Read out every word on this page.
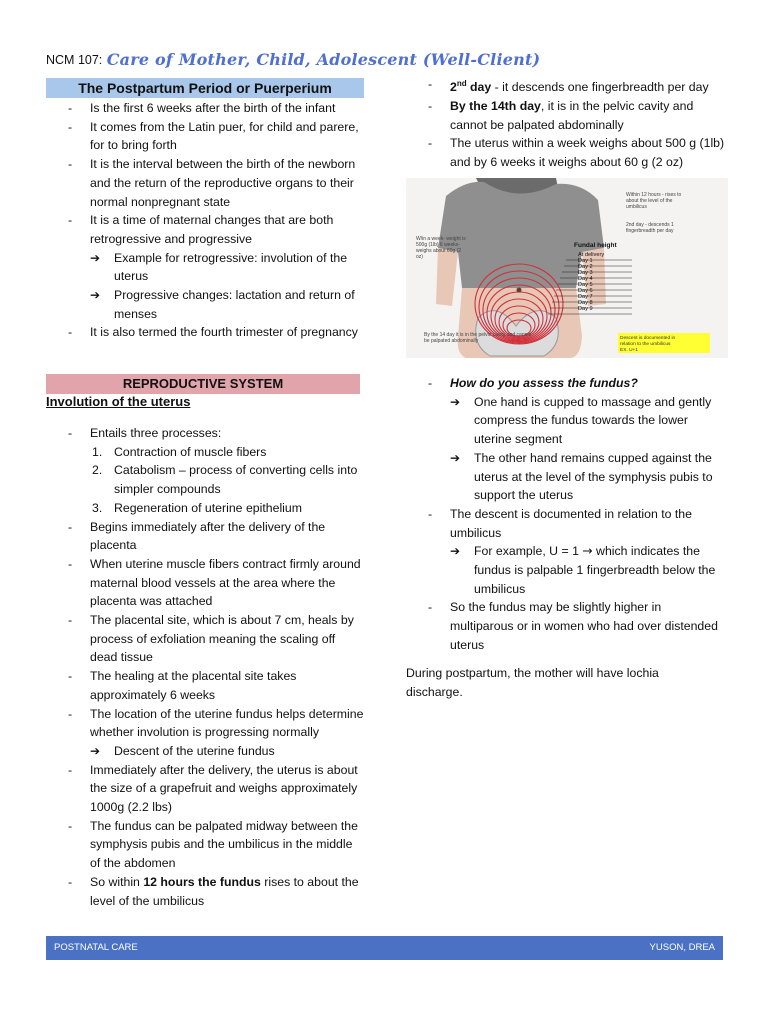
NCM 107: Care of Mother, Child, Adolescent (Well-Client)
The Postpartum Period or Puerperium
- Is the first 6 weeks after the birth of the infant
- It comes from the Latin puer, for child and parere, for to bring forth
- It is the interval between the birth of the newborn and the return of the reproductive organs to their normal nonpregnant state
- It is a time of maternal changes that are both retrogressive and progressive
➔ Example for retrogressive: involution of the uterus
➔ Progressive changes: lactation and return of menses
- It is also termed the fourth trimester of pregnancy
REPRODUCTIVE SYSTEM
Involution of the uterus
- Entails three processes:
1. Contraction of muscle fibers
2. Catabolism – process of converting cells into simpler compounds
3. Regeneration of uterine epithelium
- Begins immediately after the delivery of the placenta
- When uterine muscle fibers contract firmly around maternal blood vessels at the area where the placenta was attached
- The placental site, which is about 7 cm, heals by process of exfoliation meaning the scaling off dead tissue
- The healing at the placental site takes approximately 6 weeks
- The location of the uterine fundus helps determine whether involution is progressing normally
➔ Descent of the uterine fundus
- Immediately after the delivery, the uterus is about the size of a grapefruit and weighs approximately 1000g (2.2 lbs)
- The fundus can be palpated midway between the symphysis pubis and the umbilicus in the middle of the abdomen
- So within 12 hours the fundus rises to about the level of the umbilicus
- 2nd day - it descends one fingerbreadth per day
- By the 14th day, it is in the pelvic cavity and cannot be palpated abdominally
- The uterus within a week weighs about 500 g (1lb) and by 6 weeks it weighs about 60 g (2 oz)
Within 12 hours - rises to about the level of the umbilicus
2nd day - descends 1 fingerbreadth per day
W/in a week- weight is 500g (1lb) 6 weeks-weighs about 60g (2 oz)
Fundal height
At delivery
Day 1
Day 2
Day 3
Day 4
Day 5
Day 6
Day 7
Day 8
Day 9
By the 14 day it is in the pelvic cavity and cannot be palpated abdominally	Descent is documented in relation to the umbilicus
EX. U+1
- How do you assess the fundus?
➔ One hand is cupped to massage and gently compress the fundus towards the lower uterine segment
➔ The other hand remains cupped against the uterus at the level of the symphysis pubis to support the uterus
- The descent is documented in relation to the umbilicus
➔ For example, U = 1 → which indicates the fundus is palpable 1 fingerbreadth below the umbilicus
- So the fundus may be slightly higher in multiparous or in women who had over distended uterus
During postpartum, the mother will have lochia discharge.
POSTNATAL CARE	YUSON, DREA
